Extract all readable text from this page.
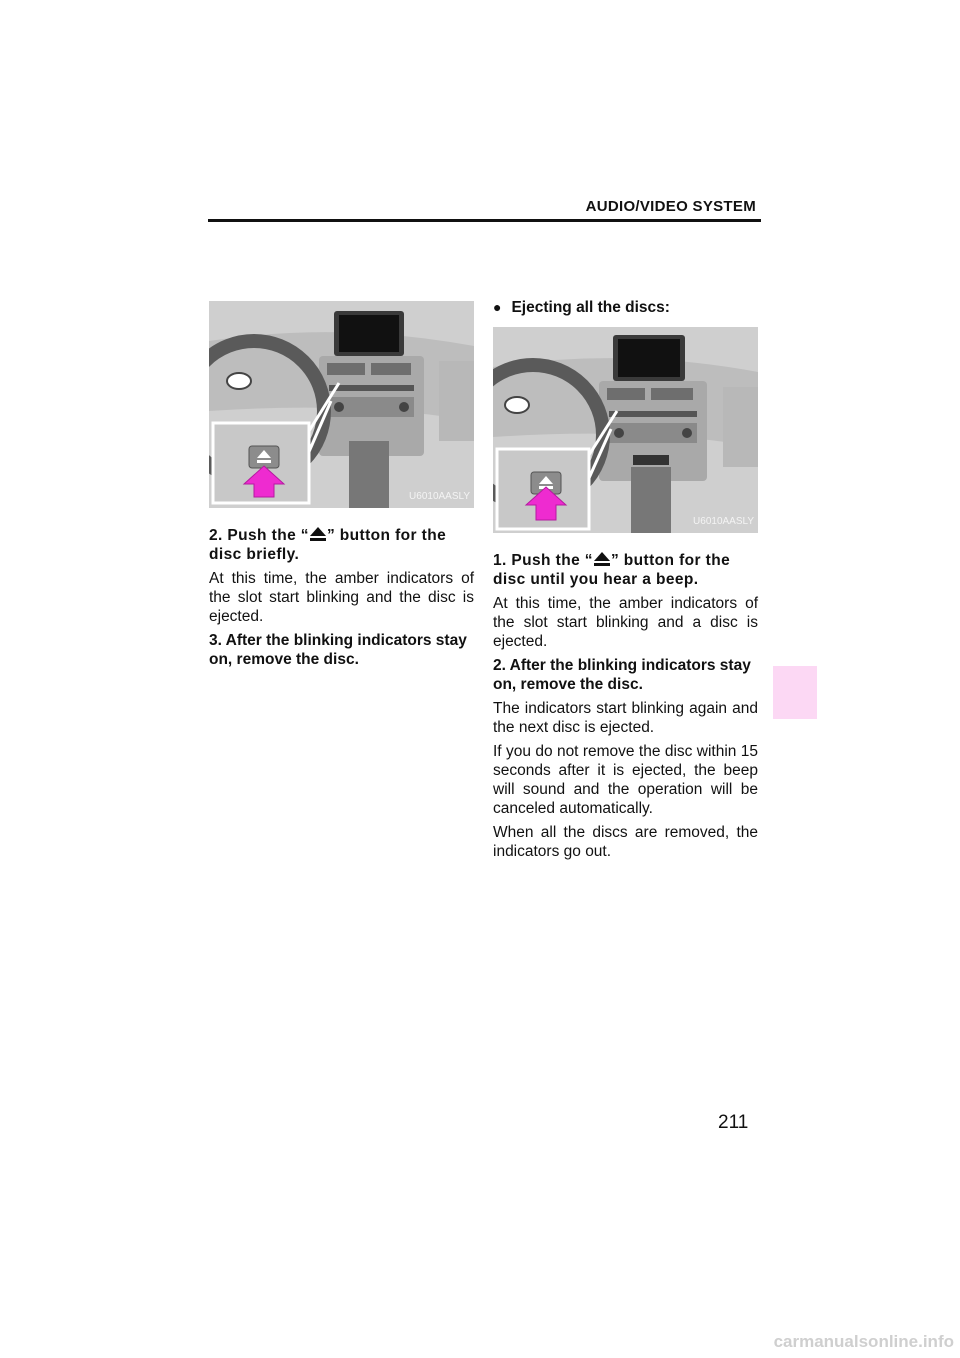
AUDIO/VIDEO SYSTEM
U6010AASLY

2. Push the “ ” button for the disc briefly.

At this time, the amber indicators of the slot start blinking and the disc is ejected.

3. After the blinking indicators stay on, remove the disc.

● Ejecting all the discs:

U6010AASLY

1. Push the “ ” button for the disc until you hear a beep.

At this time, the amber indicators of the slot start blinking and a disc is ejected.

2. After the blinking indicators stay on, remove the disc.

The indicators start blinking again and the next disc is ejected.

If you do not remove the disc within 15 seconds after it is ejected, the beep will sound and the operation will be canceled automatically.

When all the discs are removed, the indicators go out.

211
carmanualsonline.info
